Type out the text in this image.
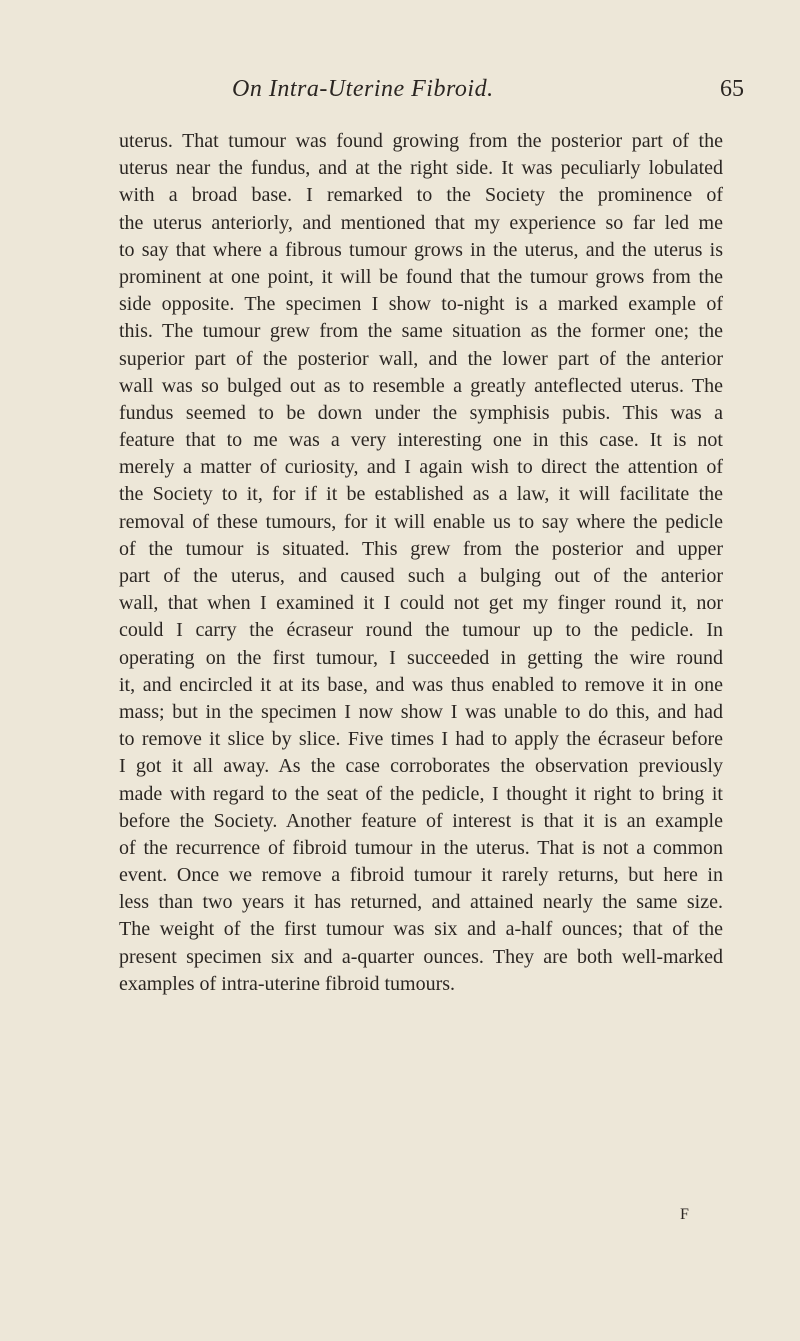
On Intra-Uterine Fibroid.	65
uterus. That tumour was found growing from the posterior part of the
uterus near the fundus, and at the right side. It was peculiarly lobulated
with a broad base. I remarked to the Society the prominence of
the uterus anteriorly, and mentioned that my experience so far led me
to say that where a fibrous tumour grows in the uterus, and the uterus is
prominent at one point, it will be found that the tumour grows from the
side opposite. The specimen I show to-night is a marked example of
this. The tumour grew from the same situation as the former one; the
superior part of the posterior wall, and the lower part of the anterior
wall was so bulged out as to resemble a greatly anteflected uterus. The
fundus seemed to be down under the symphisis pubis. This was a
feature that to me was a very interesting one in this case. It is not
merely a matter of curiosity, and I again wish to direct the attention of
the Society to it, for if it be established as a law, it will facilitate the
removal of these tumours, for it will enable us to say where the pedicle
of the tumour is situated. This grew from the posterior and upper
part of the uterus, and caused such a bulging out of the anterior
wall, that when I examined it I could not get my finger round it, nor
could I carry the écraseur round the tumour up to the pedicle. In
operating on the first tumour, I succeeded in getting the wire round
it, and encircled it at its base, and was thus enabled to remove it in one
mass; but in the specimen I now show I was unable to do this, and had
to remove it slice by slice. Five times I had to apply the écraseur before
I got it all away. As the case corroborates the observation previously
made with regard to the seat of the pedicle, I thought it right to bring it
before the Society. Another feature of interest is that it is an example
of the recurrence of fibroid tumour in the uterus. That is not a common
event. Once we remove a fibroid tumour it rarely returns, but here in
less than two years it has returned, and attained nearly the same size.
The weight of the first tumour was six and a-half ounces; that of the
present specimen six and a-quarter ounces. They are both well-marked
examples of intra-uterine fibroid tumours.
F
